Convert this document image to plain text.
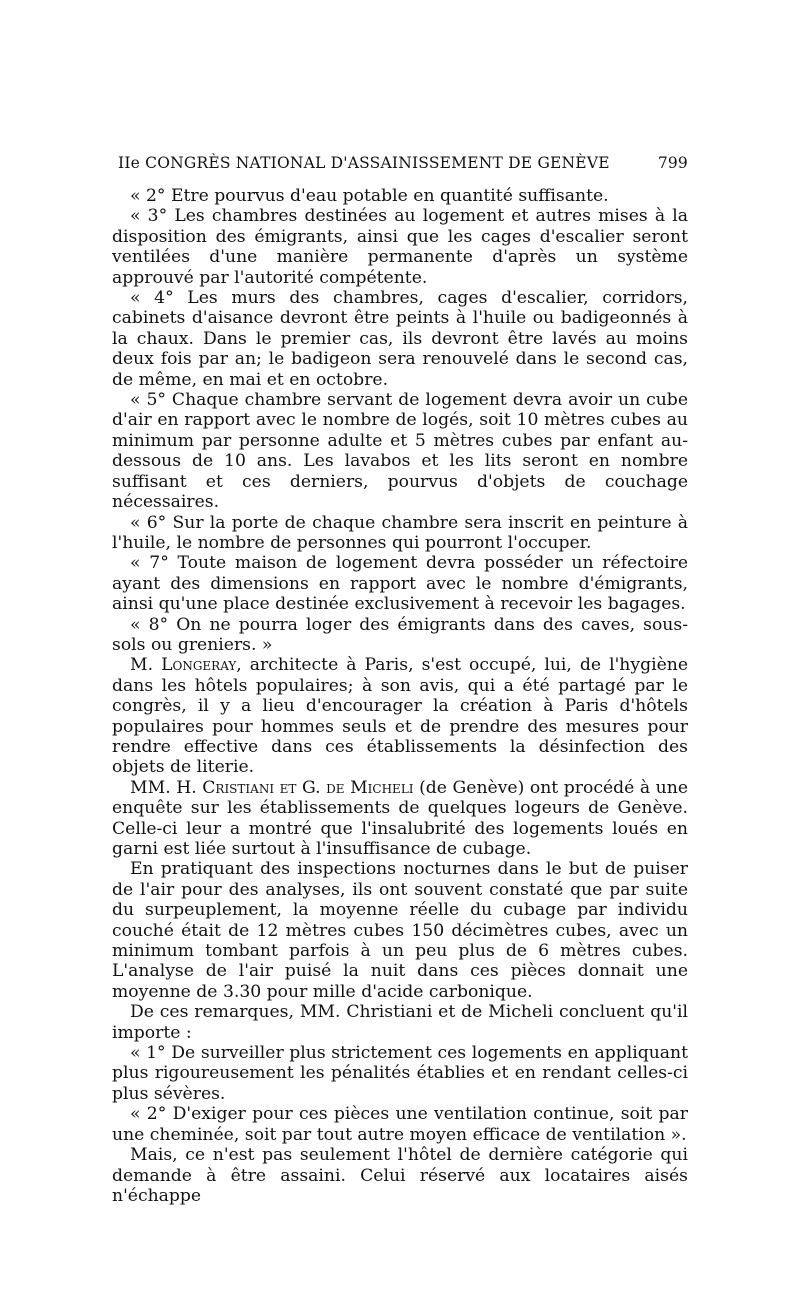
IIe CONGRÈS NATIONAL D'ASSAINISSEMENT DE GENÈVE	799

« 2° Etre pourvus d'eau potable en quantité suffisante.

« 3° Les chambres destinées au logement et autres mises à la disposition des émigrants, ainsi que les cages d'escalier seront ventilées d'une manière permanente d'après un système approuvé par l'autorité compétente.

« 4° Les murs des chambres, cages d'escalier, corridors, cabinets d'aisance devront être peints à l'huile ou badigeonnés à la chaux. Dans le premier cas, ils devront être lavés au moins deux fois par an; le badigeon sera renouvelé dans le second cas, de même, en mai et en octobre.

« 5° Chaque chambre servant de logement devra avoir un cube d'air en rapport avec le nombre de logés, soit 10 mètres cubes au minimum par personne adulte et 5 mètres cubes par enfant au-dessous de 10 ans. Les lavabos et les lits seront en nombre suffisant et ces derniers, pourvus d'objets de couchage nécessaires.

« 6° Sur la porte de chaque chambre sera inscrit en peinture à l'huile, le nombre de personnes qui pourront l'occuper.

« 7° Toute maison de logement devra posséder un réfectoire ayant des dimensions en rapport avec le nombre d'émigrants, ainsi qu'une place destinée exclusivement à recevoir les bagages.

« 8° On ne pourra loger des émigrants dans des caves, sous-sols ou greniers. »

M. Longeray, architecte à Paris, s'est occupé, lui, de l'hygiène dans les hôtels populaires; à son avis, qui a été partagé par le congrès, il y a lieu d'encourager la création à Paris d'hôtels populaires pour hommes seuls et de prendre des mesures pour rendre effective dans ces établissements la désinfection des objets de literie.

MM. H. Cristiani et G. de Micheli (de Genève) ont procédé à une enquête sur les établissements de quelques logeurs de Genève. Celle-ci leur a montré que l'insalubrité des logements loués en garni est liée surtout à l'insuffisance de cubage.

En pratiquant des inspections nocturnes dans le but de puiser de l'air pour des analyses, ils ont souvent constaté que par suite du surpeuplement, la moyenne réelle du cubage par individu couché était de 12 mètres cubes 150 décimètres cubes, avec un minimum tombant parfois à un peu plus de 6 mètres cubes. L'analyse de l'air puisé la nuit dans ces pièces donnait une moyenne de 3.30 pour mille d'acide carbonique.

De ces remarques, MM. Christiani et de Micheli concluent qu'il importe :

« 1° De surveiller plus strictement ces logements en appliquant plus rigoureusement les pénalités établies et en rendant celles-ci plus sévères.

« 2° D'exiger pour ces pièces une ventilation continue, soit par une cheminée, soit par tout autre moyen efficace de ventilation ».

Mais, ce n'est pas seulement l'hôtel de dernière catégorie qui demande à être assaini. Celui réservé aux locataires aisés n'échappe
